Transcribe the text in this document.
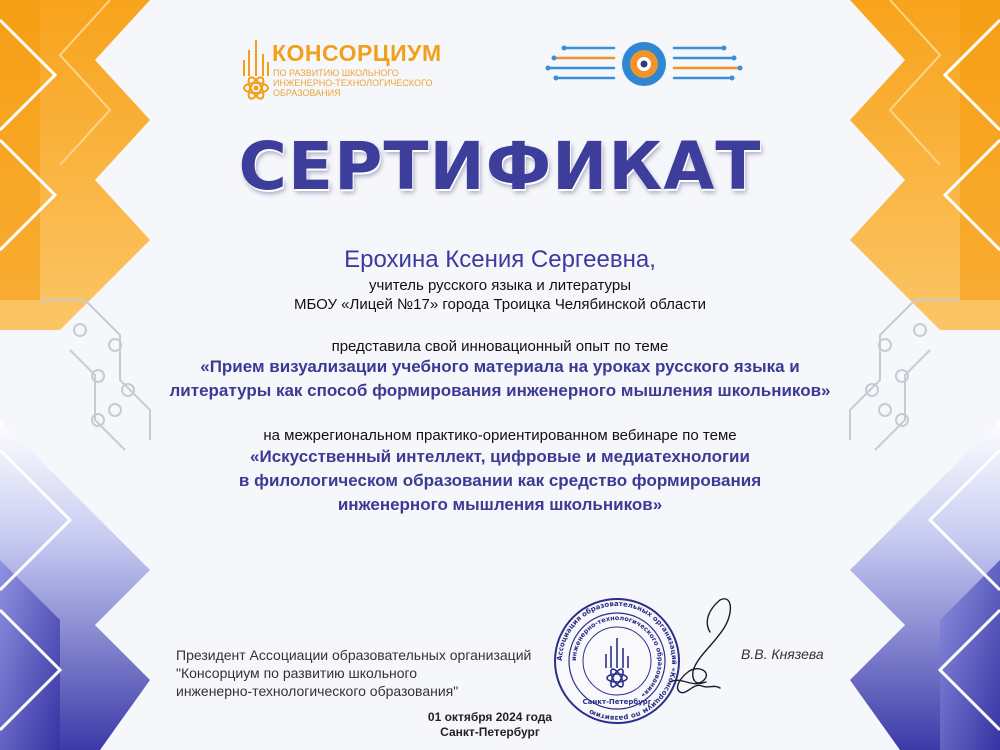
КОНСОРЦИУМ
ПО РАЗВИТИЮ ШКОЛЬНОГО
ИНЖЕНЕРНО-ТЕХНОЛОГИЧЕСКОГО
ОБРАЗОВАНИЯ
СЕРТИФИКАТ
Ерохина Ксения Сергеевна,
учитель русского языка и литературы
МБОУ «Лицей №17» города Троицка Челябинской области
представила свой инновационный опыт по теме
«Прием визуализации учебного материала на уроках русского языка и
литературы как способ формирования инженерного мышления школьников»
на межрегиональном практико-ориентированном вебинаре по теме
«Искусственный интеллект, цифровые и медиатехнологии
в филологическом образовании как средство формирования
инженерного мышления школьников»
Президент Ассоциации образовательных организаций
"Консорциум по развитию школьного
инженерно-технологического образования"
Ассоциация образовательных организаций «Консорциум по развитию
инженерно-технологического образования»
Санкт-Петербург
В.В. Князева
01 октября 2024 года
Санкт-Петербург
